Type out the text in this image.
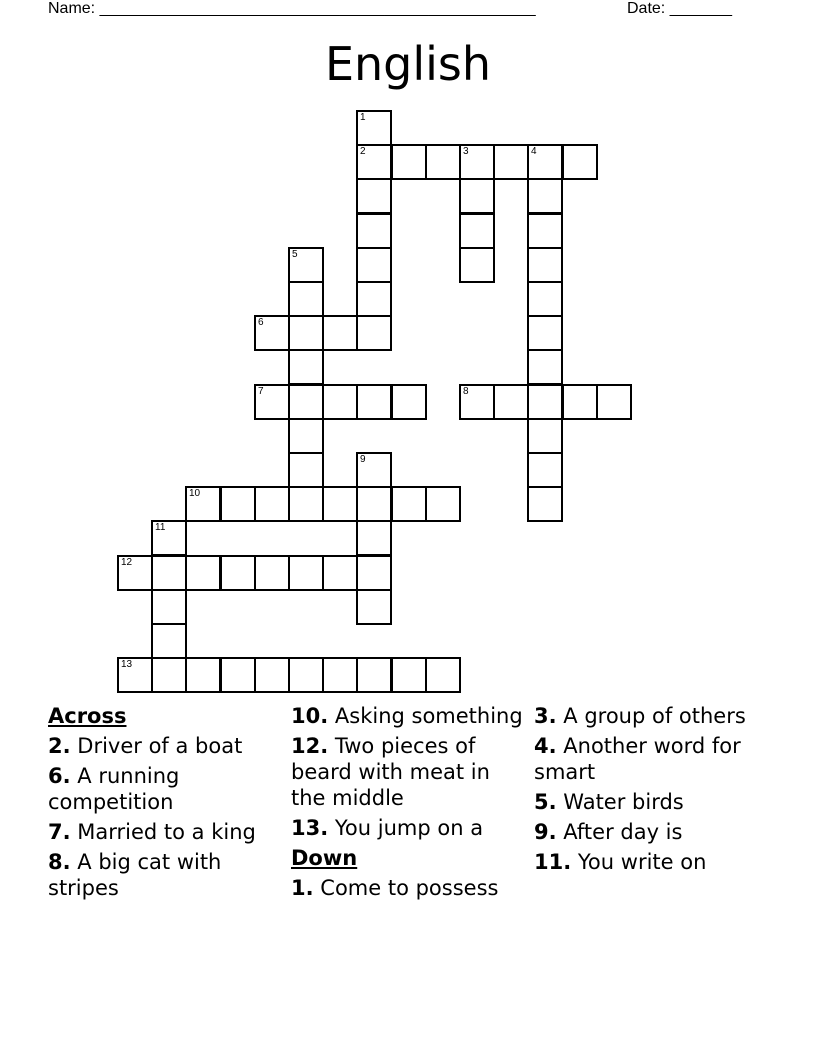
Name: _________________________________________________	Date: _______
English
1
2	3	4
5
6
7	8
9
10
11
12
13
Across
2. Driver of a boat
6. A running competition
7. Married to a king
8. A big cat with stripes
10. Asking something
12. Two pieces of beard with meat in the middle
13. You jump on a
Down
1. Come to possess
3. A group of others
4. Another word for smart
5. Water birds
9. After day is
11. You write on
